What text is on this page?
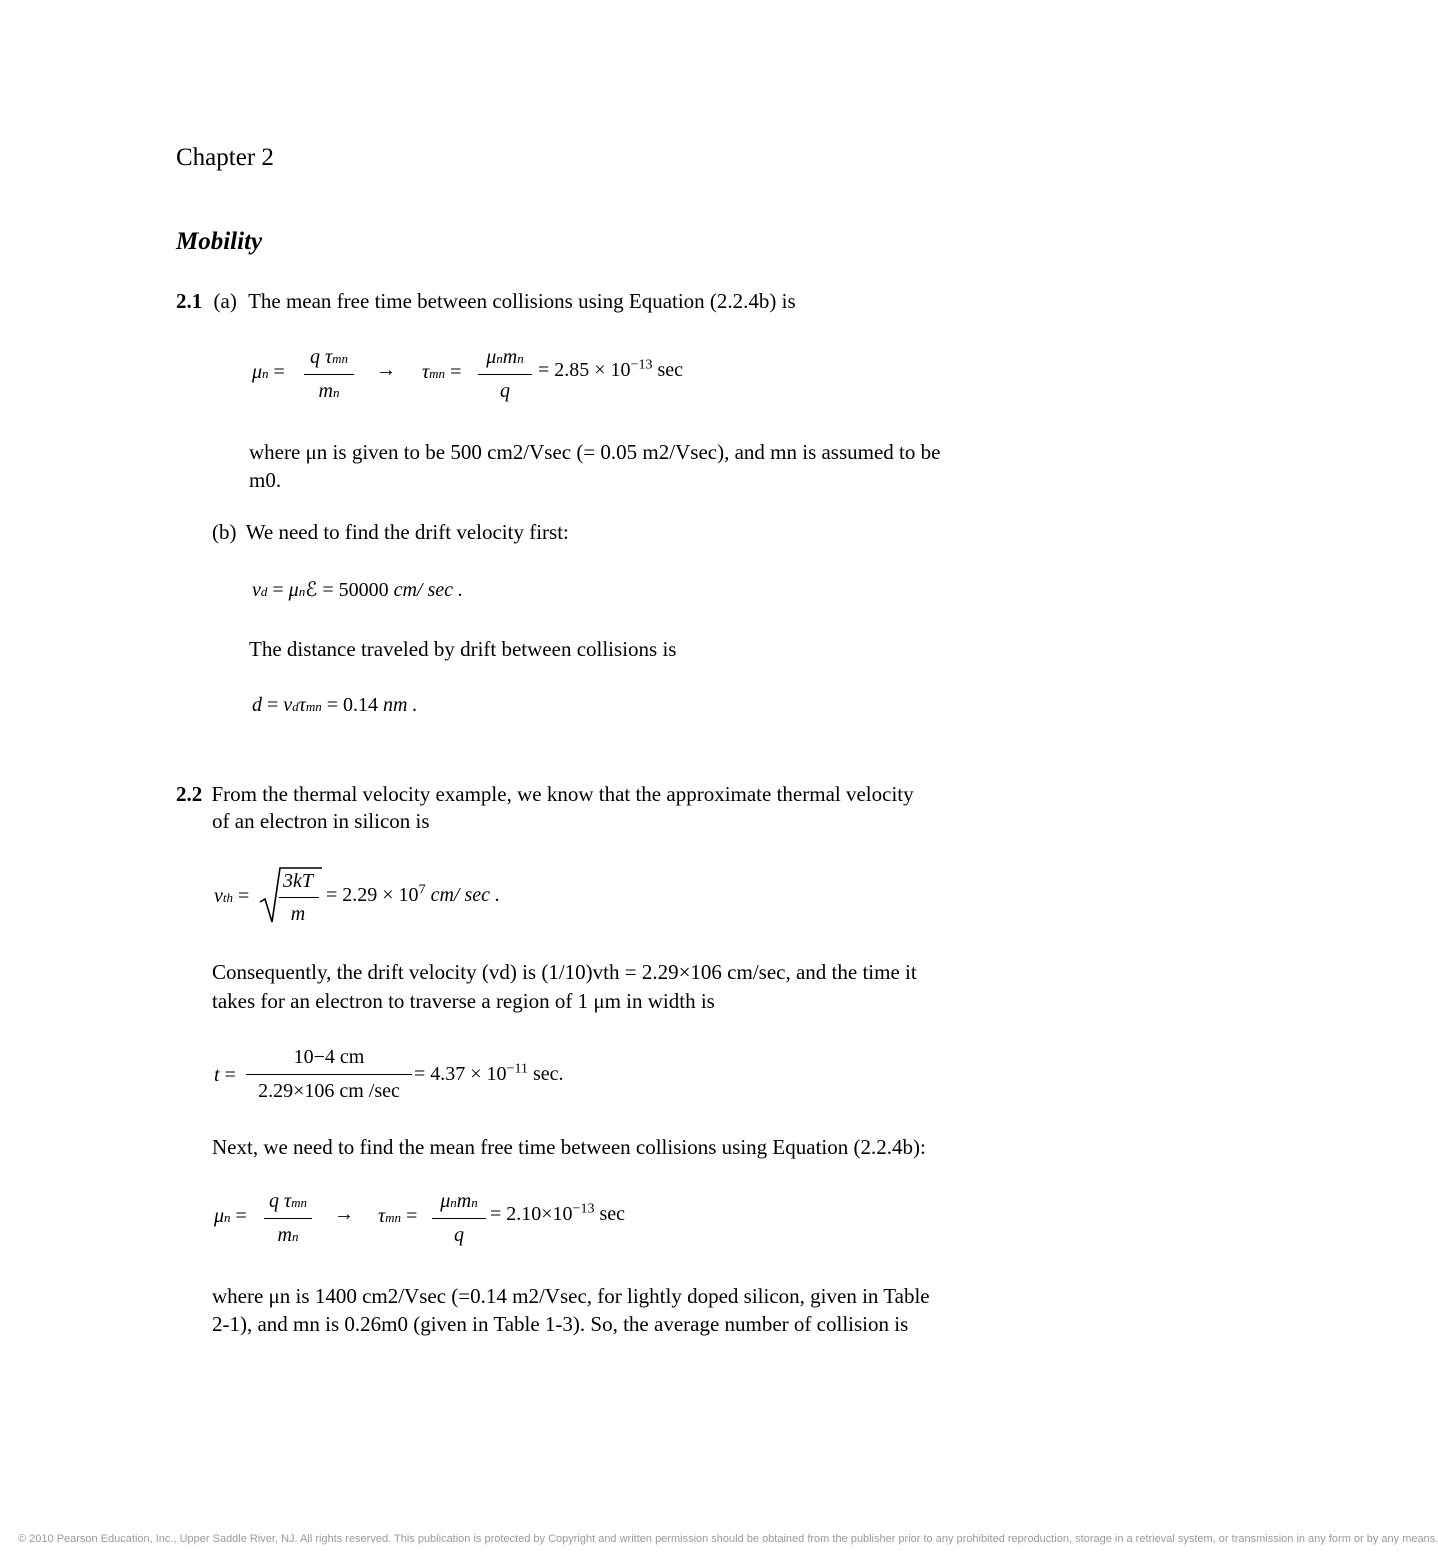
Chapter 2
Mobility
2.1 (a) The mean free time between collisions using Equation (2.2.4b) is
μn =
q τmn
mn
→ τmn =
μnmn
q
= $2.85 \times 10^{-13}$ sec
where μn is given to be 500 cm2/Vsec (= 0.05 m2/Vsec), and mn is assumed to be
m0.
(b) We need to find the drift velocity first:
vd = μnℰ = 50000 cm/ sec .
The distance traveled by drift between collisions is
d = vdτmn = 0.14 nm .
2.2 From the thermal velocity example, we know that the approximate thermal velocity
of an electron in silicon is
vth =
3kT
m
= $2.29 \times 10^7$ cm/ sec .
Consequently, the drift velocity (vd) is (1/10)vth = 2.29×106 cm/sec, and the time it
takes for an electron to traverse a region of 1 μm in width is
t =
10−4 cm
2.29×106 cm /sec
= $4.37 \times 10^{-11}$ sec.
Next, we need to find the mean free time between collisions using Equation (2.2.4b):
μn =
q τmn
mn
→ τmn =
μnmn
q
= $2.10\times 10^{-13}$ sec
where μn is 1400 cm2/Vsec (=0.14 m2/Vsec, for lightly doped silicon, given in Table
2-1), and mn is 0.26m0 (given in Table 1-3). So, the average number of collision is
© 2010 Pearson Education, Inc., Upper Saddle River, NJ. All rights reserved. This publication is protected by Copyright and written permission should be obtained from the publisher prior to any prohibited reproduction, storage in a retrieval system, or transmission in any form or by any means.
